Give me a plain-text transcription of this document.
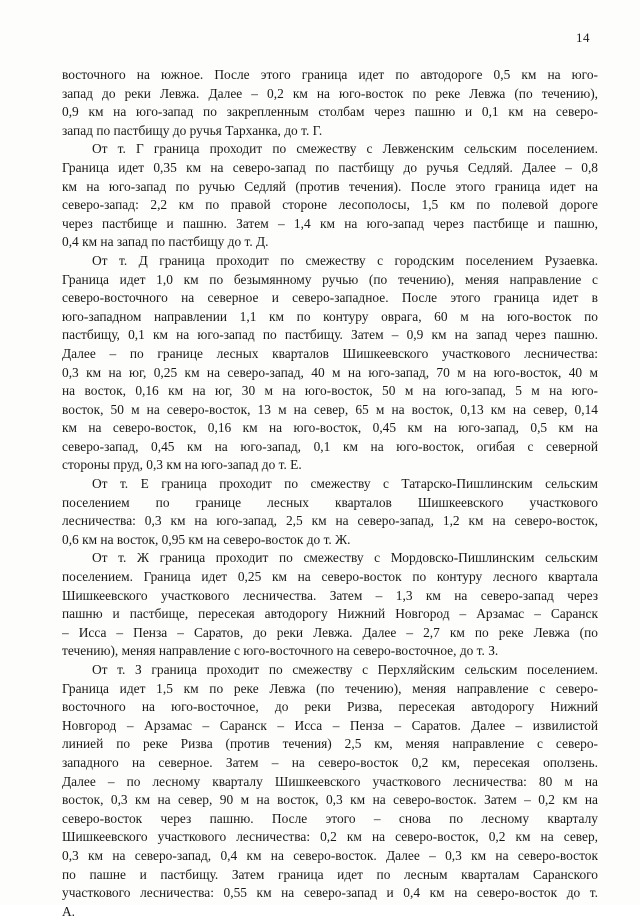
14
восточного на южное. После этого граница идет по автодороге 0,5 км на юго-
запад до реки Левжа. Далее – 0,2 км на юго-восток по реке Левжа (по течению),
0,9 км на юго-запад по закрепленным столбам через пашню и 0,1 км на северо-
запад по пастбищу до ручья Тарханка, до т. Г.
От т. Г граница проходит по смежеству с Левженским сельским поселением.
Граница идет 0,35 км на северо-запад по пастбищу до ручья Седляй. Далее – 0,8
км на юго-запад по ручью Седляй (против течения). После этого граница идет на
северо-запад: 2,2 км по правой стороне лесополосы, 1,5 км по полевой дороге
через пастбище и пашню. Затем – 1,4 км на юго-запад через пастбище и пашню,
0,4 км на запад по пастбищу до т. Д.
От т. Д граница проходит по смежеству с городским поселением Рузаевка.
Граница идет 1,0 км по безымянному ручью (по течению), меняя направление с
северо-восточного на северное и северо-западное. После этого граница идет в
юго-западном направлении 1,1 км по контуру оврага, 60 м на юго-восток по
пастбищу, 0,1 км на юго-запад по пастбищу. Затем – 0,9 км на запад через пашню.
Далее – по границе лесных кварталов Шишкеевского участкового лесничества:
0,3 км на юг, 0,25 км на северо-запад, 40 м на юго-запад, 70 м на юго-восток, 40 м
на восток, 0,16 км на юг, 30 м на юго-восток, 50 м на юго-запад, 5 м на юго-
восток, 50 м на северо-восток, 13 м на север, 65 м на восток, 0,13 км на север, 0,14
км на северо-восток, 0,16 км на юго-восток, 0,45 км на юго-запад, 0,5 км на
северо-запад, 0,45 км на юго-запад, 0,1 км на юго-восток, огибая с северной
стороны пруд, 0,3 км на юго-запад до т. Е.
От т. Е граница проходит по смежеству с Татарско-Пишлинским сельским
поселением по границе лесных кварталов Шишкеевского участкового
лесничества: 0,3 км на юго-запад, 2,5 км на северо-запад, 1,2 км на северо-восток,
0,6 км на восток, 0,95 км на северо-восток до т. Ж.
От т. Ж граница проходит по смежеству с Мордовско-Пишлинским сельским
поселением. Граница идет 0,25 км на северо-восток по контуру лесного квартала
Шишкеевского участкового лесничества. Затем – 1,3 км на северо-запад через
пашню и пастбище, пересекая автодорогу Нижний Новгород – Арзамас – Саранск
– Исса – Пенза – Саратов, до реки Левжа. Далее – 2,7 км по реке Левжа (по
течению), меняя направление с юго-восточного на северо-восточное, до т. З.
От т. З граница проходит по смежеству с Перхляйским сельским поселением.
Граница идет 1,5 км по реке Левжа (по течению), меняя направление с северо-
восточного на юго-восточное, до реки Ризва, пересекая автодорогу Нижний
Новгород – Арзамас – Саранск – Исса – Пенза – Саратов. Далее – извилистой
линией по реке Ризва (против течения) 2,5 км, меняя направление с северо-
западного на северное. Затем – на северо-восток 0,2 км, пересекая оползень.
Далее – по лесному кварталу Шишкеевского участкового лесничества: 80 м на
восток, 0,3 км на север, 90 м на восток, 0,3 км на северо-восток. Затем – 0,2 км на
северо-восток через пашню. После этого – снова по лесному кварталу
Шишкеевского участкового лесничества: 0,2 км на северо-восток, 0,2 км на север,
0,3 км на северо-запад, 0,4 км на северо-восток. Далее – 0,3 км на северо-восток
по пашне и пастбищу. Затем граница идет по лесным кварталам Саранского
участкового лесничества: 0,55 км на северо-запад и 0,4 км на северо-восток до т.
А.
